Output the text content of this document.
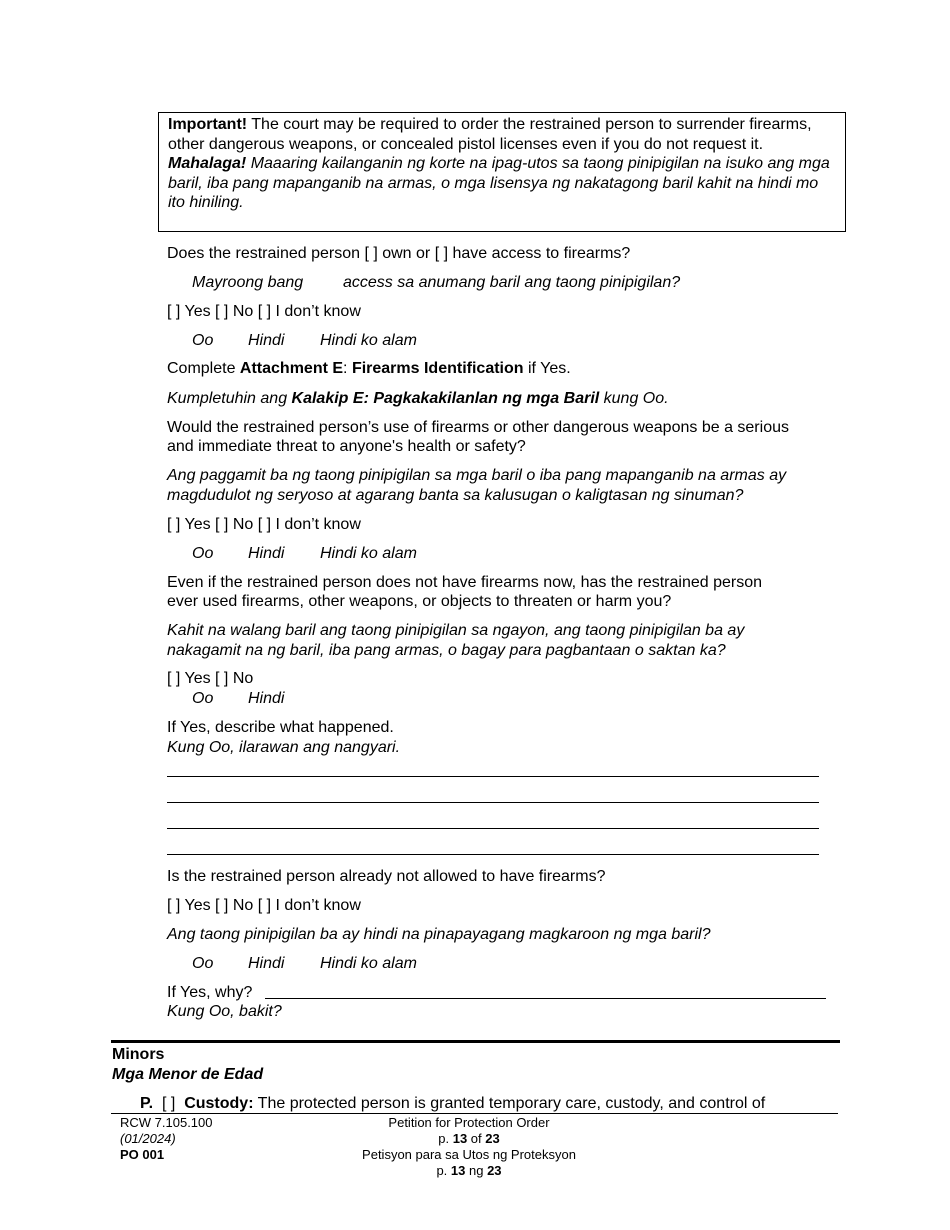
Important! The court may be required to order the restrained person to surrender firearms, other dangerous weapons, or concealed pistol licenses even if you do not request it.

Mahalaga! Maaaring kailanganin ng korte na ipag-utos sa taong pinipigilan na isuko ang mga baril, iba pang mapanganib na armas, o mga lisensya ng nakatagong baril kahit na hindi mo ito hiniling.

Does the restrained person [ ] own or [ ] have access to firearms?
Mayroong bang access sa anumang baril ang taong pinipigilan?
[ ] Yes [ ] No [ ] I don’t know
Oo Hindi Hindi ko alam
Complete Attachment E: Firearms Identification if Yes.
Kumpletuhin ang Kalakip E: Pagkakakilanlan ng mga Baril kung Oo.
Would the restrained person’s use of firearms or other dangerous weapons be a serious
and immediate threat to anyone's health or safety?
Ang paggamit ba ng taong pinipigilan sa mga baril o iba pang mapanganib na armas ay
magdudulot ng seryoso at agarang banta sa kalusugan o kaligtasan ng sinuman?
[ ] Yes [ ] No [ ] I don’t know
Oo Hindi Hindi ko alam
Even if the restrained person does not have firearms now, has the restrained person
ever used firearms, other weapons, or objects to threaten or harm you?
Kahit na walang baril ang taong pinipigilan sa ngayon, ang taong pinipigilan ba ay
nakagamit na ng baril, iba pang armas, o bagay para pagbantaan o saktan ka?
[ ] Yes [ ] No
Oo Hindi
If Yes, describe what happened.
Kung Oo, ilarawan ang nangyari.
Is the restrained person already not allowed to have firearms?
[ ] Yes [ ] No [ ] I don’t know
Ang taong pinipigilan ba ay hindi na pinapayagang magkaroon ng mga baril?
Oo Hindi Hindi ko alam
If Yes, why?
Kung Oo, bakit?
Minors
Mga Menor de Edad
P. [ ] Custody: The protected person is granted temporary care, custody, and control of
RCW 7.105.100
(01/2024)
PO 001
Petition for Protection Order
p. 13 of 23
Petisyon para sa Utos ng Proteksyon
p. 13 ng 23
